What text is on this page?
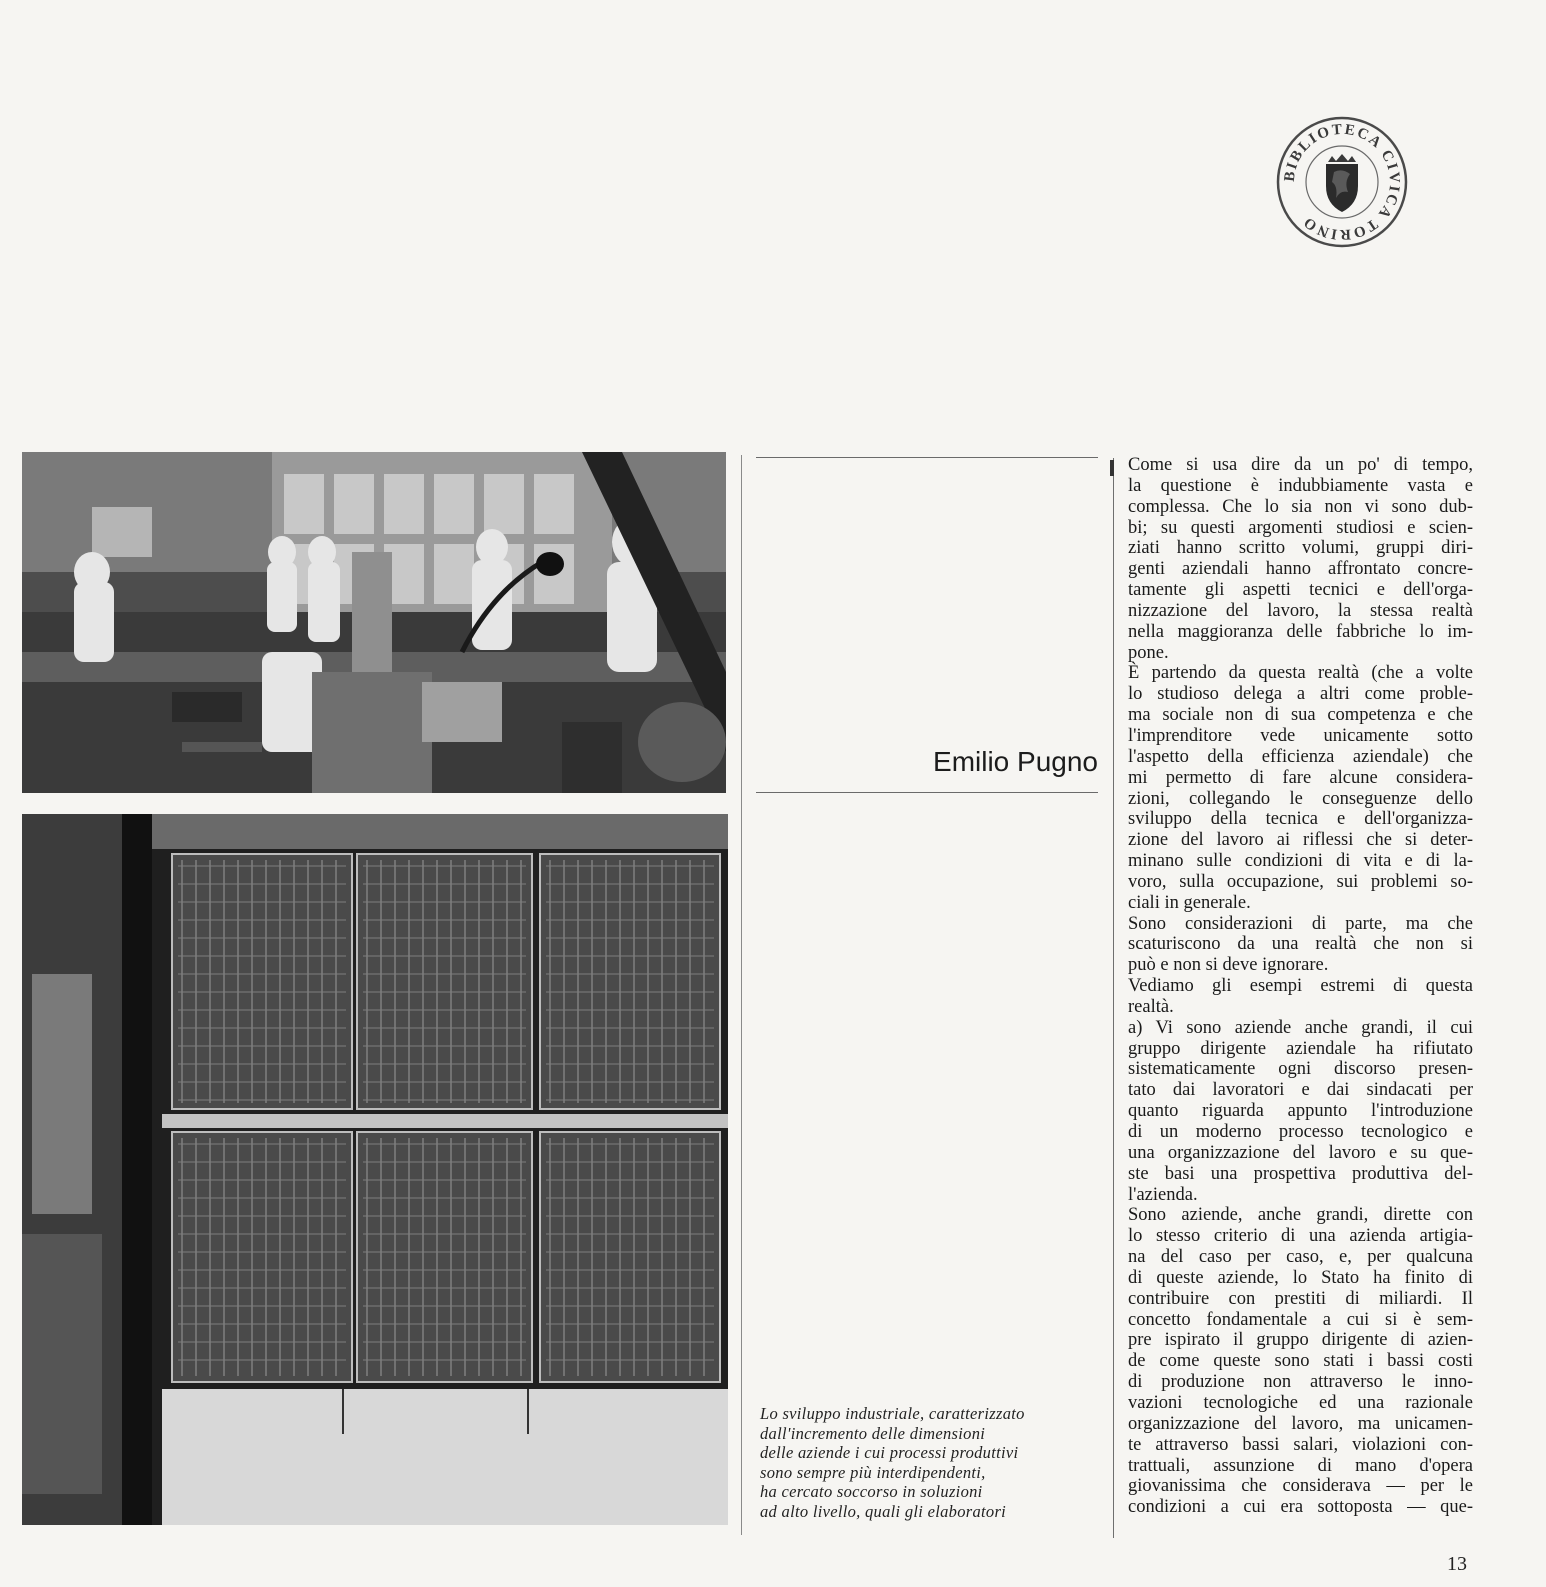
BIBLIOTECA CIVICA TORINO
Emilio Pugno
Lo sviluppo industriale, caratterizzato
dall'incremento delle dimensioni
delle aziende i cui processi produttivi
sono sempre più interdipendenti,
ha cercato soccorso in soluzioni
ad alto livello, quali gli elaboratori
Come si usa dire da un po' di tempo,
la questione è indubbiamente vasta e
complessa. Che lo sia non vi sono dub-
bi; su questi argomenti studiosi e scien-
ziati hanno scritto volumi, gruppi diri-
genti aziendali hanno affrontato concre-
tamente gli aspetti tecnici e dell'orga-
nizzazione del lavoro, la stessa realtà
nella maggioranza delle fabbriche lo im-
pone.
È partendo da questa realtà (che a volte
lo studioso delega a altri come proble-
ma sociale non di sua competenza e che
l'imprenditore vede unicamente sotto
l'aspetto della efficienza aziendale) che
mi permetto di fare alcune considera-
zioni, collegando le conseguenze dello
sviluppo della tecnica e dell'organizza-
zione del lavoro ai riflessi che si deter-
minano sulle condizioni di vita e di la-
voro, sulla occupazione, sui problemi so-
ciali in generale.
Sono considerazioni di parte, ma che
scaturiscono da una realtà che non si
può e non si deve ignorare.
Vediamo gli esempi estremi di questa
realtà.
a) Vi sono aziende anche grandi, il cui
gruppo dirigente aziendale ha rifiutato
sistematicamente ogni discorso presen-
tato dai lavoratori e dai sindacati per
quanto riguarda appunto l'introduzione
di un moderno processo tecnologico e
una organizzazione del lavoro e su que-
ste basi una prospettiva produttiva del-
l'azienda.
Sono aziende, anche grandi, dirette con
lo stesso criterio di una azienda artigia-
na del caso per caso, e, per qualcuna
di queste aziende, lo Stato ha finito di
contribuire con prestiti di miliardi. Il
concetto fondamentale a cui si è sem-
pre ispirato il gruppo dirigente di azien-
de come queste sono stati i bassi costi
di produzione non attraverso le inno-
vazioni tecnologiche ed una razionale
organizzazione del lavoro, ma unicamen-
te attraverso bassi salari, violazioni con-
trattuali, assunzione di mano d'opera
giovanissima che considerava — per le
condizioni a cui era sottoposta — que-
13
